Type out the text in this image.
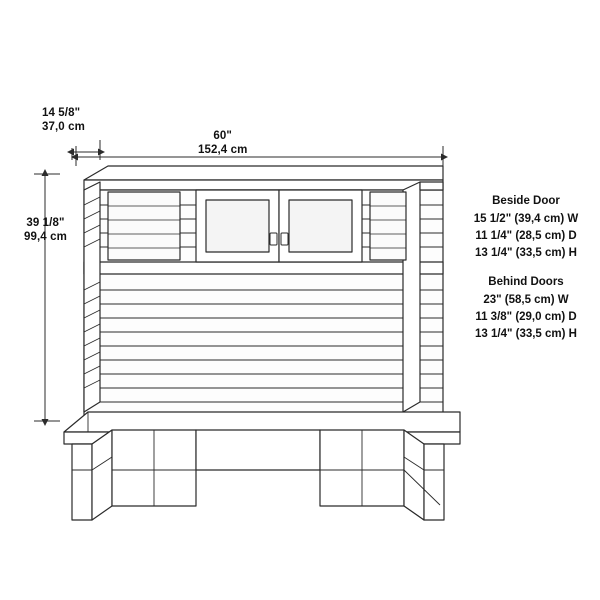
14 5/8"
37,0 cm
60"
152,4 cm
39 1/8"
99,4 cm
Beside Door
15 1/2" (39,4 cm) W
11 1/4" (28,5 cm) D
13 1/4" (33,5 cm) H
Behind Doors
23" (58,5 cm) W
11 3/8" (29,0 cm) D
13 1/4" (33,5 cm) H
